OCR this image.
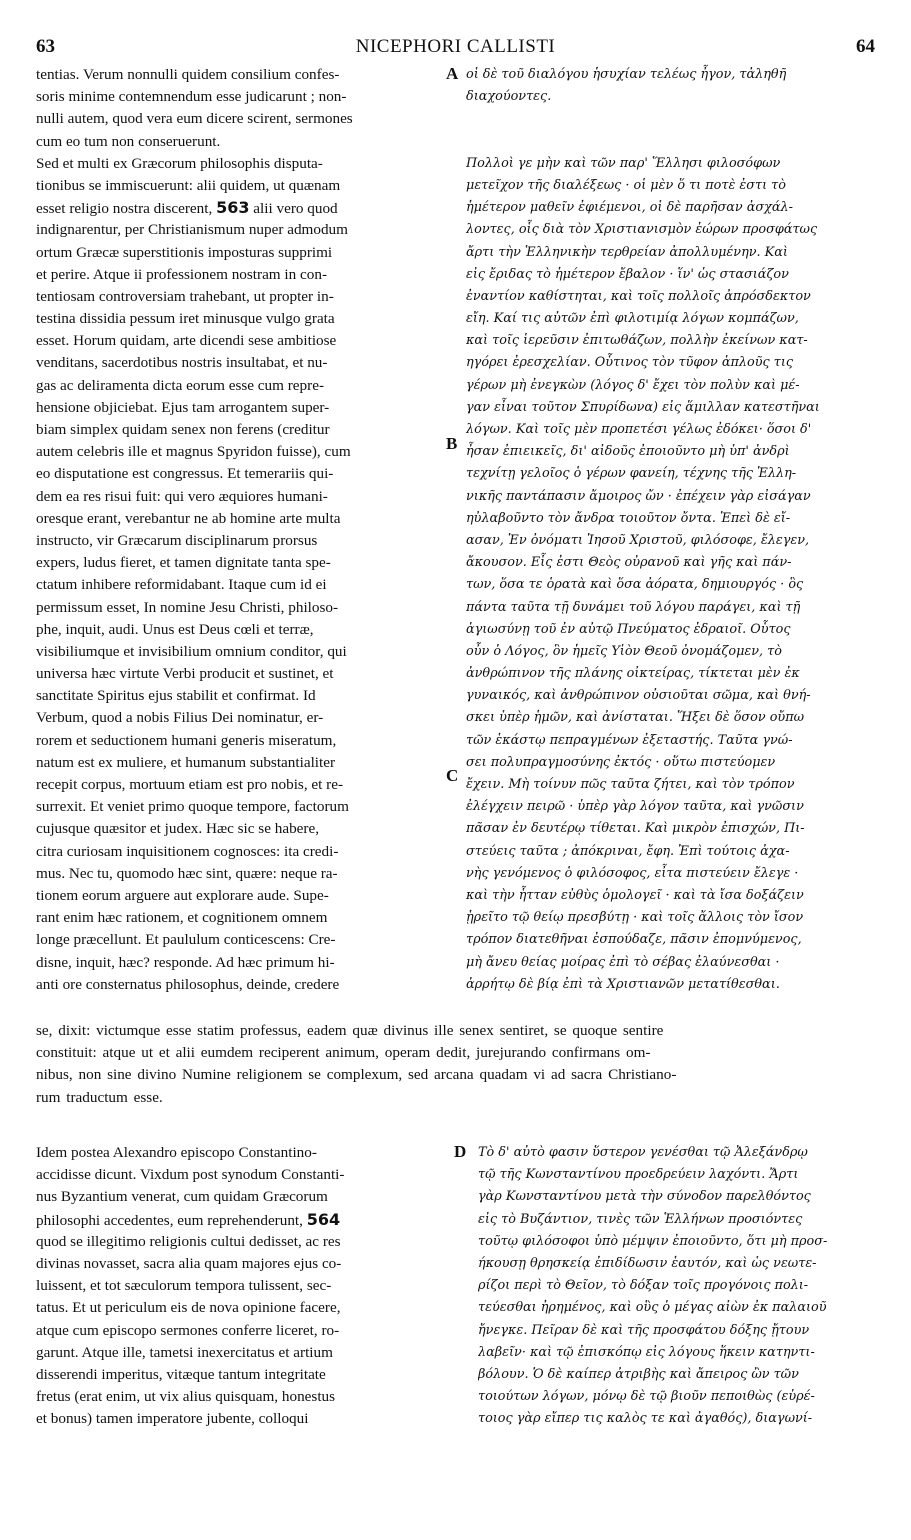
63	NICEPHORI CALLISTI	64
tentias. Verum nonnulli quidem consilium confes-
soris minime contemnendum esse judicarunt ; non-
nulli autem, quod vera eum dicere scirent, sermones
cum eo tum non conseruerunt.
Sed et multi ex Græcorum philosophis disputa-
tionibus se immiscuerunt: alii quidem, ut quænam
esset religio nostra discerent, 563 alii vero quod
indignarentur, per Christianismum nuper admodum
ortum Græcæ superstitionis imposturas supprimi
et perire. Atque ii professionem nostram in con-
tentiosam controversiam trahebant, ut propter in-
testina dissidia pessum iret minusque vulgo grata
esset. Horum quidam, arte dicendi sese ambitiose
venditans, sacerdotibus nostris insultabat, et nu-
gas ac deliramenta dicta eorum esse cum repre-
hensione objiciebat. Ejus tam arrogantem super-
biam simplex quidam senex non ferens (creditur
autem celebris ille et magnus Spyridon fuisse), cum
eo disputatione est congressus. Et temerariis qui-
dem ea res risui fuit: qui vero æquiores humani-
oresque erant, verebantur ne ab homine arte multa
instructo, vir Græcarum disciplinarum prorsus
expers, ludus fieret, et tamen dignitate tanta spe-
ctatum inhibere reformidabant. Itaque cum id ei
permissum esset, In nomine Jesu Christi, philoso-
phe, inquit, audi. Unus est Deus cœli et terræ,
visibiliumque et invisibilium omnium conditor, qui
universa hæc virtute Verbi producit et sustinet, et
sanctitate Spiritus ejus stabilit et confirmat. Id
Verbum, quod a nobis Filius Dei nominatur, er-
rorem et seductionem humani generis miseratum,
natum est ex muliere, et humanum substantialiter
recepit corpus, mortuum etiam est pro nobis, et re-
surrexit. Et veniet primo quoque tempore, factorum
cujusque quæsitor et judex. Hæc sic se habere,
citra curiosam inquisitionem cognosces: ita credi-
mus. Nec tu, quomodo hæc sint, quære: neque ra-
tionem eorum arguere aut explorare aude. Supe-
rant enim hæc rationem, et cognitionem omnem
longe præcellunt. Et paululum conticescens: Cre-
disne, inquit, hæc? responde. Ad hæc primum hi-
anti ore consternatus philosophus, deinde, credere
οἱ δὲ τοῦ διαλόγου ἡσυχίαν τελέως ἦγον, τἀληθῆ
διαχούοντες.
Πολλοὶ γε μὴν καὶ τῶν παρ' Ἕλλησι φιλοσόφων
μετεῖχον τῆς διαλέξεως · οἱ μὲν ὅ τι ποτὲ ἐστι τὸ
ἡμέτερον μαθεῖν ἐφιέμενοι, οἱ δὲ παρῆσαν ἀσχάλ-
λοντες, οἷς διὰ τὸν Χριστιανισμὸν ἐώρων προσφάτως
ἄρτι τὴν Ἑλληνικὴν τερθρείαν ἀπολλυμένην. Καὶ
εἰς ἔριδας τὸ ἡμέτερον ἔβαλον · ἵν' ὡς στασιάζον
ἐναντίον καθίστηται, καὶ τοῖς πολλοῖς ἀπρόσδεκτον
εἴη. Καί τις αὐτῶν ἐπὶ φιλοτιμίᾳ λόγων κομπάζων,
καὶ τοῖς ἱερεῦσιν ἐπιτωθάζων, πολλὴν ἐκείνων κατ-
ηγόρει ἐρεσχελίαν. Οὗτινος τὸν τῦφον ἁπλοῦς τις
γέρων μὴ ἐνεγκὼν (λόγος δ' ἔχει τὸν πολὺν καὶ μέ-
γαν εἶναι τοῦτον Σπυρίδωνα) εἰς ἅμιλλαν κατεστῆναι
λόγων. Καὶ τοῖς μὲν προπετέσι γέλως ἐδόκει· ὅσοι δ'
ἦσαν ἐπιεικεῖς, δι' αἰδοῦς ἐποιοῦντο μὴ ὑπ' ἀνδρὶ
τεχνίτῃ γελοῖος ὁ γέρων φανείη, τέχνης τῆς Ἑλλη-
νικῆς παντάπασιν ἄμοιρος ὤν · ἐπέχειν γὰρ εἰσάγαν
ηὐλαβοῦντο τὸν ἄνδρα τοιοῦτον ὄντα. Ἐπεὶ δὲ εἴ-
ασαν, Ἐν ὀνόματι Ἰησοῦ Χριστοῦ, φιλόσοφε, ἔλεγεν,
ἄκουσον. Εἷς ἐστι Θεὸς οὐρανοῦ καὶ γῆς καὶ πάν-
των, ὅσα τε ὁρατὰ καὶ ὅσα ἀόρατα, δημιουργός · ὃς
πάντα ταῦτα τῇ δυνάμει τοῦ λόγου παράγει, καὶ τῇ
ἁγιωσύνῃ τοῦ ἐν αὐτῷ Πνεύματος ἑδραιοῖ. Οὗτος
οὖν ὁ Λόγος, ὃν ἡμεῖς Υἱὸν Θεοῦ ὀνομάζομεν, τὸ
ἀνθρώπινον τῆς πλάνης οἰκτείρας, τίκτεται μὲν ἐκ
γυναικός, καὶ ἀνθρώπινον οὐσιοῦται σῶμα, καὶ θνή-
σκει ὑπὲρ ἡμῶν, καὶ ἀνίσταται. Ἥξει δὲ ὅσον οὔπω
τῶν ἑκάστῳ πεπραγμένων ἐξεταστής. Ταῦτα γνώ-
σει πολυπραγμοσύνης ἐκτός · οὕτω πιστεύομεν
ἔχειν. Μὴ τοίνυν πῶς ταῦτα ζήτει, καὶ τὸν τρόπον
ἐλέγχειν πειρῶ · ὑπὲρ γὰρ λόγον ταῦτα, καὶ γνῶσιν
πᾶσαν ἐν δευτέρῳ τίθεται. Καὶ μικρὸν ἐπισχών, Πι-
στεύεις ταῦτα ; ἀπόκριναι, ἔφη. Ἐπὶ τούτοις ἀχα-
νὴς γενόμενος ὁ φιλόσοφος, εἶτα πιστεύειν ἔλεγε ·
καὶ τὴν ἧτταν εὐθὺς ὁμολογεῖ · καὶ τὰ ἴσα δοξάζειν
ᾑρεῖτο τῷ θείῳ πρεσβύτῃ · καὶ τοῖς ἄλλοις τὸν ἴσον
τρόπον διατεθῆναι ἐσπούδαζε, πᾶσιν ἐπομνύμενος,
μὴ ἄνευ θείας μοίρας ἐπὶ τὸ σέβας ἐλαύνεσθαι ·
ἀρρήτῳ δὲ βίᾳ ἐπὶ τὰ Χριστιανῶν μετατίθεσθαι.
A
B
C
D
se, dixit: victumque esse statim professus, eadem quæ divinus ille senex sentiret, se quoque sentire
constituit: atque ut et alii eumdem reciperent animum, operam dedit, jurejurando confirmans om-
nibus, non sine divino Numine religionem se complexum, sed arcana quadam vi ad sacra Christiano-
rum traductum esse.
Idem postea Alexandro episcopo Constantino-
accidisse dicunt. Vixdum post synodum Constanti-
nus Byzantium venerat, cum quidam Græcorum
philosophi accedentes, eum reprehenderunt, 564
quod se illegitimo religionis cultui dedisset, ac res
divinas novasset, sacra alia quam majores ejus co-
luissent, et tot sæculorum tempora tulissent, sec-
tatus. Et ut periculum eis de nova opinione facere,
atque cum episcopo sermones conferre liceret, ro-
garunt. Atque ille, tametsi inexercitatus et artium
disserendi imperitus, vitæque tantum integritate
fretus (erat enim, ut vix alius quisquam, honestus
et bonus) tamen imperatore jubente, colloqui
Τὸ δ' αὐτὸ φασιν ὕστερον γενέσθαι τῷ Ἀλεξάνδρῳ
τῷ τῆς Κωνσταντίνου προεδρεύειν λαχόντι. Ἄρτι
γὰρ Κωνσταντίνου μετὰ τὴν σύνοδον παρελθόντος
εἰς τὸ Βυζάντιον, τινὲς τῶν Ἑλλήνων προσιόντες
τοῦτῳ φιλόσοφοι ὑπὸ μέμψιν ἐποιοῦντο, ὅτι μὴ προσ-
ήκουσῃ θρησκείᾳ ἐπιδίδωσιν ἑαυτόν, καὶ ὡς νεωτε-
ρίζοι περὶ τὸ Θεῖον, τὸ δόξαν τοῖς προγόνοις πολι-
τεύεσθαι ἠρημένος, καὶ οὓς ὁ μέγας αἰὼν ἐκ παλαιοῦ
ἤνεγκε. Πεῖραν δὲ καὶ τῆς προσφάτου δόξης ᾔτουν
λαβεῖν· καὶ τῷ ἐπισκόπῳ εἰς λόγους ἥκειν κατηντι-
βόλουν. Ὁ δὲ καίπερ ἀτριβὴς καὶ ἄπειρος ὢν τῶν
τοιούτων λόγων, μόνῳ δὲ τῷ βιοῦν πεποιθὼς (εὑρέ-
τοιος γὰρ εἴπερ τις καλὸς τε καὶ ἀγαθός), διαγωνί-
